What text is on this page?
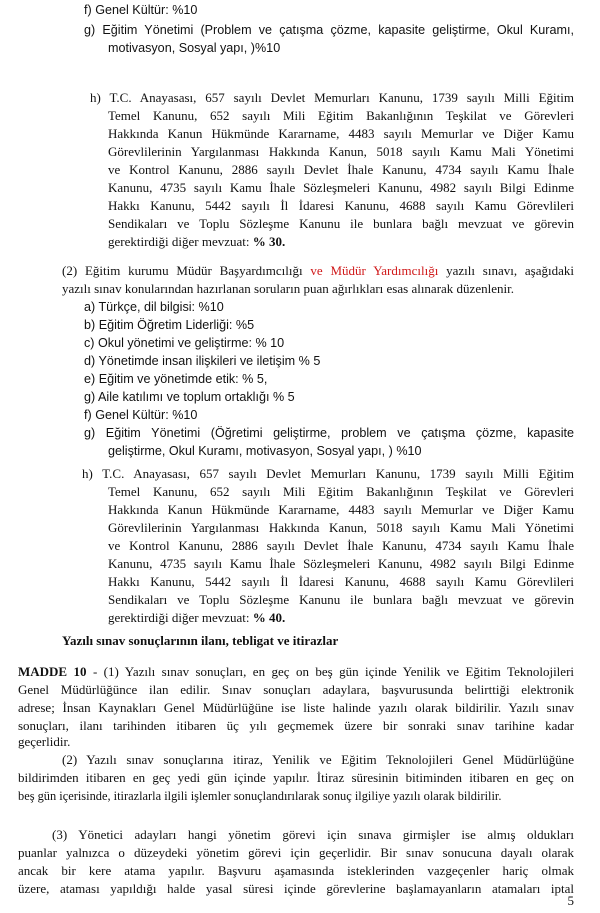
f) Genel Kültür: %10
g) Eğitim Yönetimi (Problem ve çatışma çözme, kapasite geliştirme, Okul Kuramı,
motivasyon, Sosyal yapı, )%10
h) T.C. Anayasası, 657 sayılı Devlet Memurları Kanunu, 1739 sayılı Milli Eğitim
Temel Kanunu, 652 sayılı Mili Eğitim Bakanlığının Teşkilat ve Görevleri
Hakkında Kanun Hükmünde Kararname, 4483 sayılı Memurlar ve Diğer Kamu
Görevlilerinin Yargılanması Hakkında Kanun, 5018 sayılı Kamu Mali Yönetimi
ve Kontrol Kanunu, 2886 sayılı Devlet İhale Kanunu, 4734 sayılı Kamu İhale
Kanunu, 4735 sayılı Kamu İhale Sözleşmeleri Kanunu, 4982 sayılı Bilgi Edinme
Hakkı Kanunu, 5442 sayılı İl İdaresi Kanunu, 4688 sayılı Kamu Görevlileri
Sendikaları ve Toplu Sözleşme Kanunu ile bunlara bağlı mevzuat ve görevin
gerektirdiği diğer mevzuat: % 30.
(2) Eğitim kurumu Müdür Başyardımcılığı ve Müdür Yardımcılığı yazılı sınavı, aşağıdaki
yazılı sınav konularından hazırlanan soruların puan ağırlıkları esas alınarak düzenlenir.
a) Türkçe, dil bilgisi: %10
b) Eğitim Öğretim Liderliği: %5
c) Okul yönetimi ve geliştirme: % 10
d) Yönetimde insan ilişkileri ve iletişim % 5
e) Eğitim ve yönetimde etik: % 5,
g) Aile katılımı ve toplum ortaklığı % 5
f) Genel Kültür: %10
g) Eğitim Yönetimi (Öğretimi geliştirme, problem ve çatışma çözme, kapasite
geliştirme, Okul Kuramı, motivasyon, Sosyal yapı, ) %10
h) T.C. Anayasası, 657 sayılı Devlet Memurları Kanunu, 1739 sayılı Milli Eğitim
Temel Kanunu, 652 sayılı Mili Eğitim Bakanlığının Teşkilat ve Görevleri
Hakkında Kanun Hükmünde Kararname, 4483 sayılı Memurlar ve Diğer Kamu
Görevlilerinin Yargılanması Hakkında Kanun, 5018 sayılı Kamu Mali Yönetimi
ve Kontrol Kanunu, 2886 sayılı Devlet İhale Kanunu, 4734 sayılı Kamu İhale
Kanunu, 4735 sayılı Kamu İhale Sözleşmeleri Kanunu, 4982 sayılı Bilgi Edinme
Hakkı Kanunu, 5442 sayılı İl İdaresi Kanunu, 4688 sayılı Kamu Görevlileri
Sendikaları ve Toplu Sözleşme Kanunu ile bunlara bağlı mevzuat ve görevin
gerektirdiği diğer mevzuat: % 40.
Yazılı sınav sonuçlarının ilanı, tebligat ve itirazlar
MADDE 10 - (1) Yazılı sınav sonuçları, en geç on beş gün içinde Yenilik ve Eğitim Teknolojileri
Genel Müdürlüğünce ilan edilir. Sınav sonuçları adaylara, başvurusunda belirttiği elektronik
adrese; İnsan Kaynakları Genel Müdürlüğüne ise liste halinde yazılı olarak bildirilir. Yazılı sınav
sonuçları, ilanı tarihinden itibaren üç yılı geçmemek üzere bir sonraki sınav tarihine kadar
geçerlidir.
(2) Yazılı sınav sonuçlarına itiraz, Yenilik ve Eğitim Teknolojileri Genel Müdürlüğüne
bildirimden itibaren en geç yedi gün içinde yapılır. İtiraz süresinin bitiminden itibaren en geç on
beş gün içerisinde, itirazlarla ilgili işlemler sonuçlandırılarak sonuç ilgiliye yazılı olarak bildirilir.
(3) Yönetici adayları hangi yönetim görevi için sınava girmişler ise almış oldukları
puanlar yalnızca o düzeydeki yönetim görevi için geçerlidir. Bir sınav sonucuna dayalı olarak
ancak bir kere atama yapılır. Başvuru aşamasında isteklerinden vazgeçenler hariç olmak
üzere, ataması yapıldığı halde yasal süresi içinde görevlerine başlamayanların atamaları iptal
5
